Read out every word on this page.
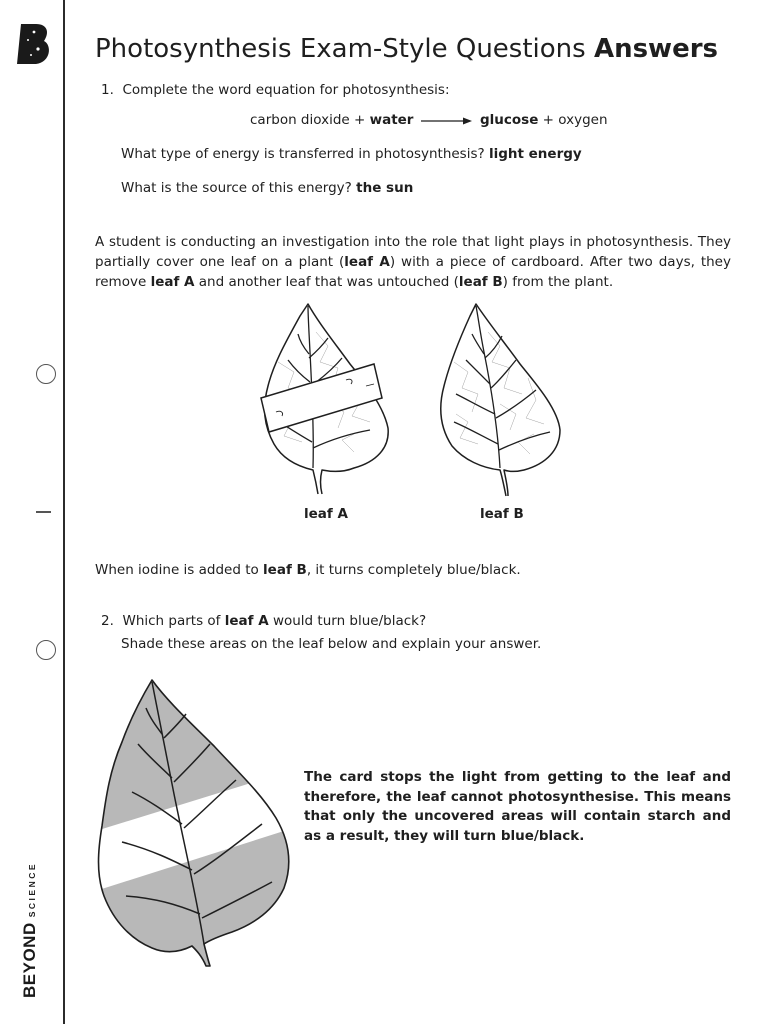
BEYONDSCIENCE
Photosynthesis Exam-Style Questions Answers
1. Complete the word equation for photosynthesis:
carbon dioxide + water → glucose + oxygen
What type of energy is transferred in photosynthesis? light energy
What is the source of this energy? the sun

A student is conducting an investigation into the role that light plays in photosynthesis. They partially cover one leaf on a plant (leaf A) with a piece of cardboard. After two days, they remove leaf A and another leaf that was untouched (leaf B) from the plant.

leaf A	leaf B
When iodine is added to leaf B, it turns completely blue/black.
2. Which parts of leaf A would turn blue/black?
Shade these areas on the leaf below and explain your answer.

The card stops the light from getting to the leaf and therefore, the leaf cannot photosynthesise. This means that only the uncovered areas will contain starch and as a result, they will turn blue/black.
